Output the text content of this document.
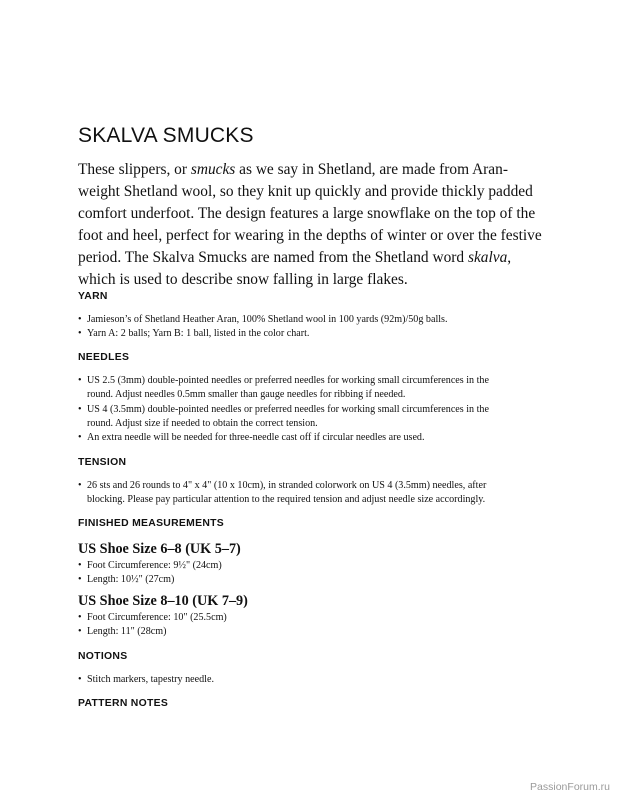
SKALVA SMUCKS

These slippers, or smucks as we say in Shetland, are made from Aran-
weight Shetland wool, so they knit up quickly and provide thickly padded
comfort underfoot. The design features a large snowflake on the top of the
foot and heel, perfect for wearing in the depths of winter or over the festive
period. The Skalva Smucks are named from the Shetland word skalva,
which is used to describe snow falling in large flakes.

YARN
• Jamieson’s of Shetland Heather Aran, 100% Shetland wool in 100 yards (92m)/50g balls.
• Yarn A: 2 balls; Yarn B: 1 ball, listed in the color chart.
NEEDLES
• US 2.5 (3mm) double-pointed needles or preferred needles for working small circumferences in the
round. Adjust needles 0.5mm smaller than gauge needles for ribbing if needed.
• US 4 (3.5mm) double-pointed needles or preferred needles for working small circumferences in the
round. Adjust size if needed to obtain the correct tension.
• An extra needle will be needed for three-needle cast off if circular needles are used.
TENSION
• 26 sts and 26 rounds to 4" x 4" (10 x 10cm), in stranded colorwork on US 4 (3.5mm) needles, after
blocking. Please pay particular attention to the required tension and adjust needle size accordingly.
FINISHED MEASUREMENTS
US Shoe Size 6–8 (UK 5–7)
• Foot Circumference: 9½" (24cm)
• Length: 10½" (27cm)
US Shoe Size 8–10 (UK 7–9)
• Foot Circumference: 10" (25.5cm)
• Length: 11" (28cm)
NOTIONS
• Stitch markers, tapestry needle.
PATTERN NOTES
PassionForum.ru
